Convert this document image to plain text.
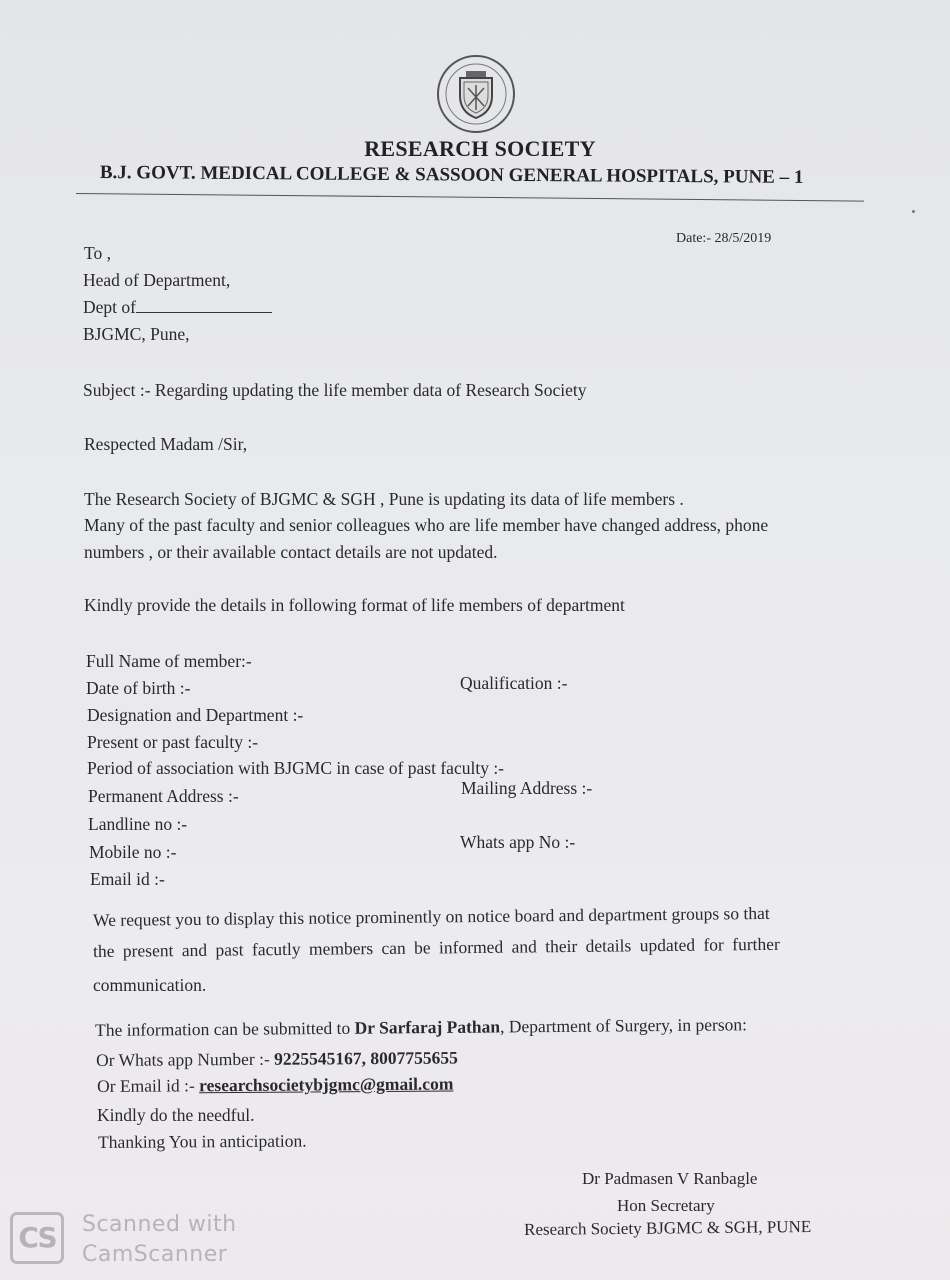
RESEARCH SOCIETY
B.J. GOVT. MEDICAL COLLEGE & SASSOON GENERAL HOSPITALS, PUNE – 1
Date:- 28/5/2019
To ,
Head of Department,
Dept of
BJGMC, Pune,
Subject :- Regarding updating the life member data of Research Society
Respected Madam /Sir,
The Research Society of BJGMC & SGH , Pune is updating its data of life members .
Many of the past faculty and senior colleagues who are life member have changed address, phone
numbers , or their available contact details are not updated.
Kindly provide the details in following format of life members of department
Full Name of member:-
Date of birth :-	Qualification :-
Designation and Department :-
Present or past faculty :-
Period of association with BJGMC in case of past faculty :-
Permanent Address :-	Mailing Address :-
Landline no :-
Mobile no :-	Whats app No :-
Email id :-
We request you to display this notice prominently on notice board and department groups so that
the present and past facutly members can be informed and their details updated for further
communication.
The information can be submitted to Dr Sarfaraj Pathan, Department of Surgery, in person:
Or Whats app Number :- 9225545167, 8007755655
Or Email id :- researchsocietybjgmc@gmail.com
Kindly do the needful.
Thanking You in anticipation.
Dr Padmasen V Ranbagle
Hon Secretary
Research Society BJGMC & SGH, PUNE
CS	Scanned with
CamScanner
